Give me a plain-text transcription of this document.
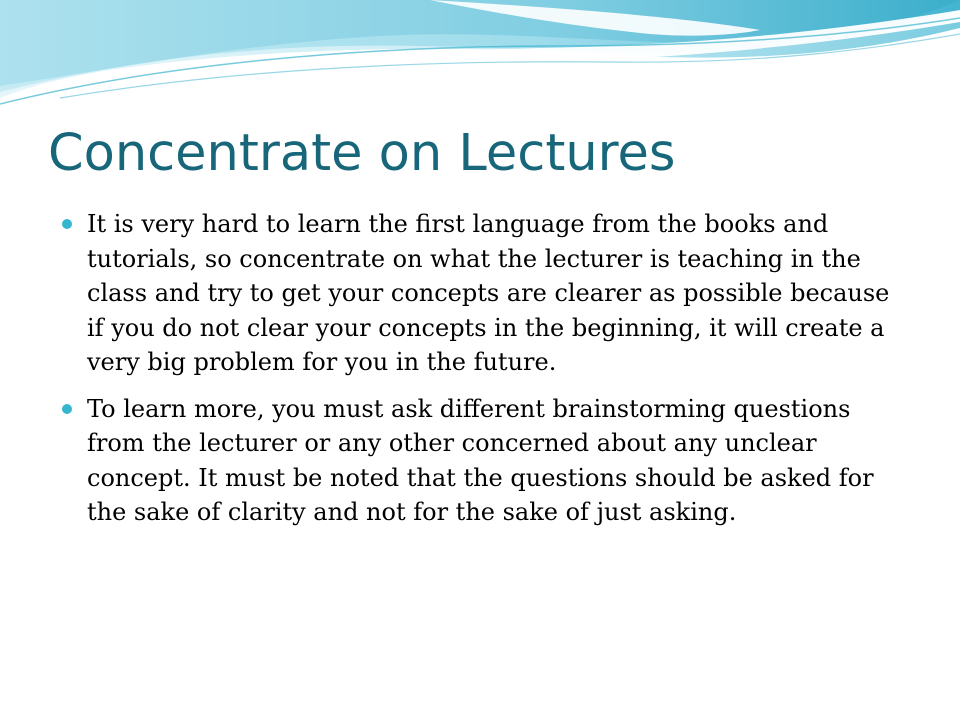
Concentrate on Lectures
It is very hard to learn the first language from the books and tutorials, so concentrate on what the lecturer is teaching in the class and try to get your concepts are clearer as possible because if you do not clear your concepts in the beginning, it will create a very big problem for you in the future.
To learn more, you must ask different brainstorming questions from the lecturer or any other concerned about any unclear concept. It must be noted that the questions should be asked for the sake of clarity and not for the sake of just asking.
